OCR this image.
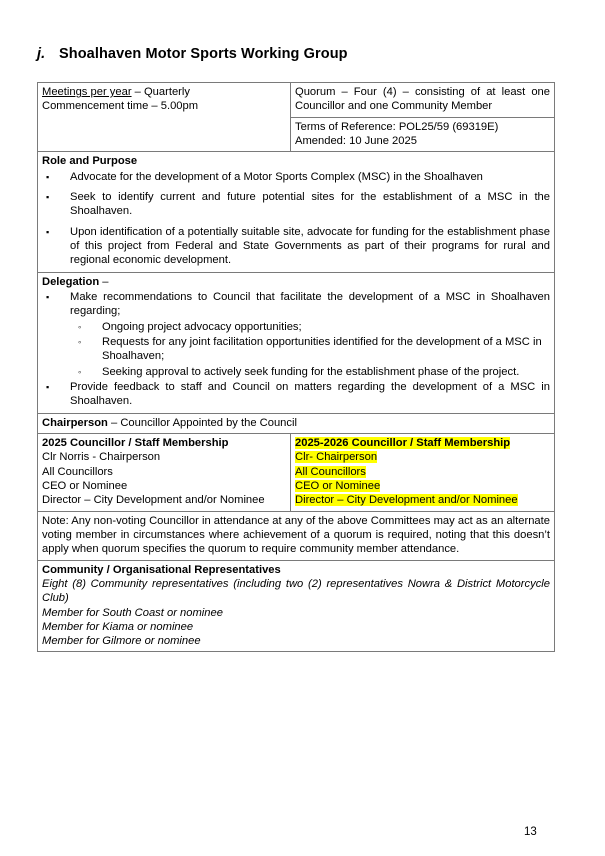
j. Shoalhaven Motor Sports Working Group
Meetings per year – Quarterly
Commencement time – 5.00pm	Quorum – Four (4) – consisting of at least one Councillor and one Community Member

	Terms of Reference: POL25/59 (69319E)
Amended: 10 June 2025

Role and Purpose
▪ Advocate for the development of a Motor Sports Complex (MSC) in the Shoalhaven
▪ Seek to identify current and future potential sites for the establishment of a MSC in the Shoalhaven.
▪ Upon identification of a potentially suitable site, advocate for funding for the establishment phase of this project from Federal and State Governments as part of their programs for rural and regional economic development.

Delegation –
▪ Make recommendations to Council that facilitate the development of a MSC in Shoalhaven regarding;
◦ Ongoing project advocacy opportunities;
◦ Requests for any joint facilitation opportunities identified for the development of a MSC in Shoalhaven;
◦ Seeking approval to actively seek funding for the establishment phase of the project.
▪ Provide feedback to staff and Council on matters regarding the development of a MSC in Shoalhaven.

Chairperson – Councillor Appointed by the Council	

2025 Councillor / Staff Membership
Clr Norris - Chairperson
All Councillors
CEO or Nominee
Director – City Development and/or Nominee

2025-2026 Councillor / Staff Membership
Clr- Chairperson
All Councillors
CEO or Nominee
Director – City Development and/or Nominee

Note: Any non-voting Councillor in attendance at any of the above Committees may act as an alternate voting member in circumstances where achievement of a quorum is required, noting that this doesn’t apply when quorum specifies the quorum to require community member attendance.	

Community / Organisational Representatives
Eight (8) Community representatives (including two (2) representatives Nowra & District Motorcycle Club)
Member for South Coast or nominee
Member for Kiama or nominee
Member for Gilmore or nominee	
13
